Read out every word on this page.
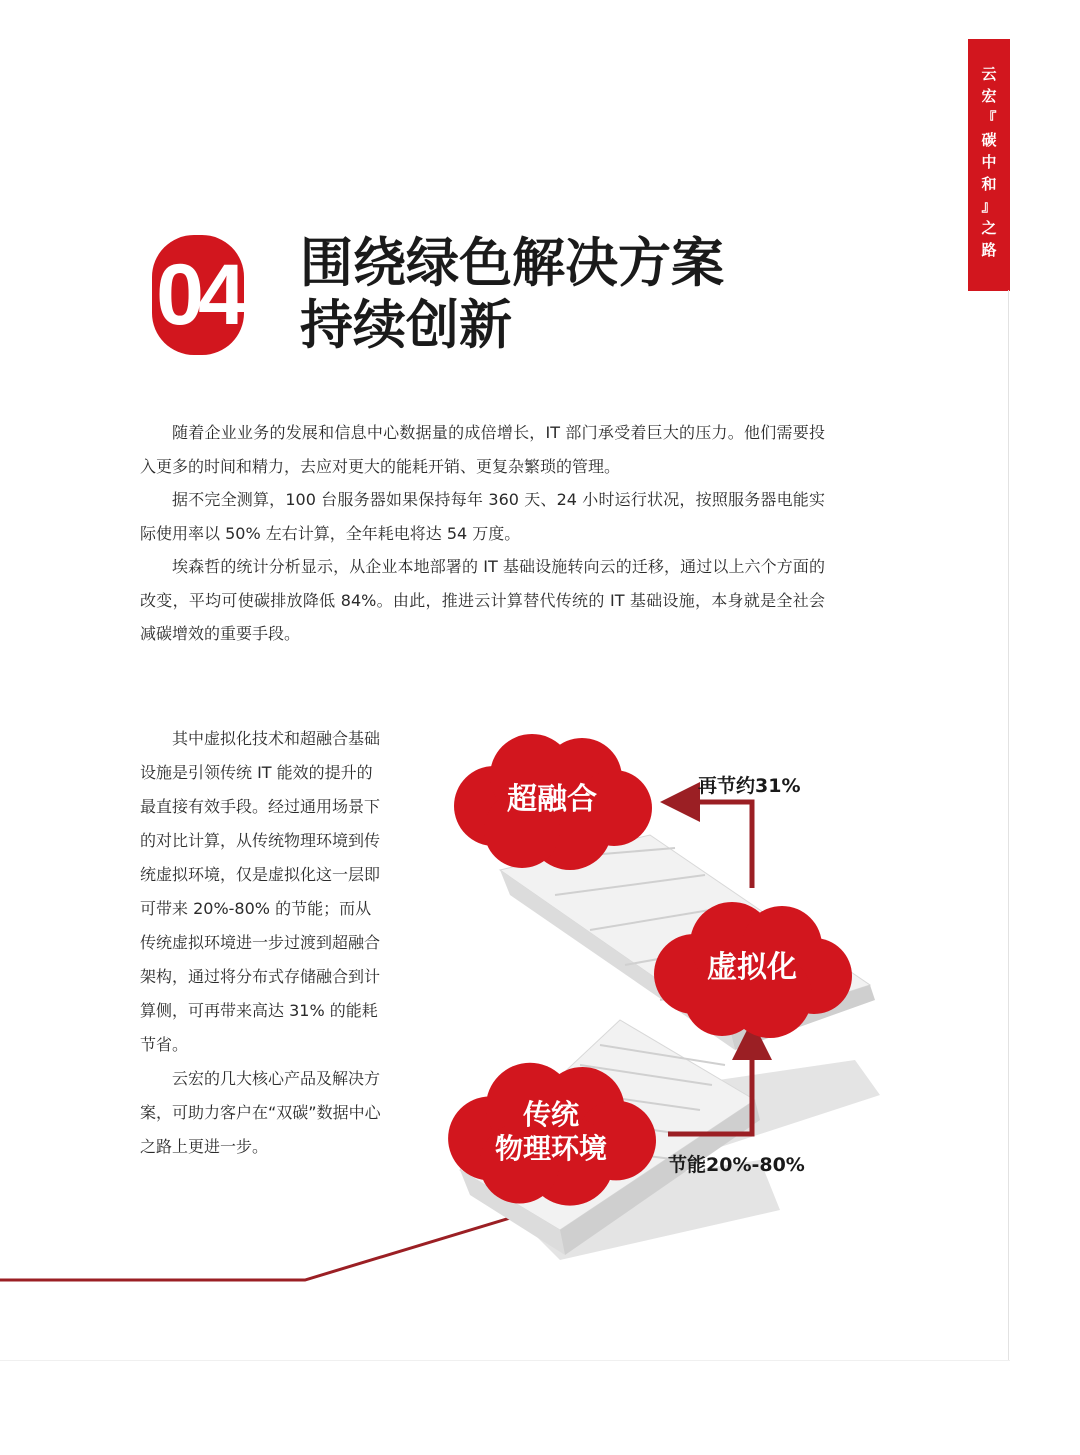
云
宏
『
碳
中
和
』
之
路
04 围绕绿色解决方案
持续创新

随着企业业务的发展和信息中心数据量的成倍增长，IT 部门承受着巨大的压力。他们需要投入更多的时间和精力，去应对更大的能耗开销、更复杂繁琐的管理。

据不完全测算，100 台服务器如果保持每年 360 天、24 小时运行状况，按照服务器电能实际使用率以 50% 左右计算，全年耗电将达 54 万度。

埃森哲的统计分析显示，从企业本地部署的 IT 基础设施转向云的迁移，通过以上六个方面的改变，平均可使碳排放降低 84%。由此，推进云计算替代传统的 IT 基础设施，本身就是全社会减碳增效的重要手段。

其中虚拟化技术和超融合基础设施是引领传统 IT 能效的提升的最直接有效手段。经过通用场景下的对比计算，从传统物理环境到传统虚拟环境，仅是虚拟化这一层即可带来 20%-80% 的节能；而从传统虚拟环境进一步过渡到超融合架构，通过将分布式存储融合到计算侧，可再带来高达 31% 的能耗节省。

云宏的几大核心产品及解决方案，可助力客户在“双碳”数据中心之路上更进一步。

再节约31%
节能20%-80%
超融合
虚拟化
传统
物理环境
